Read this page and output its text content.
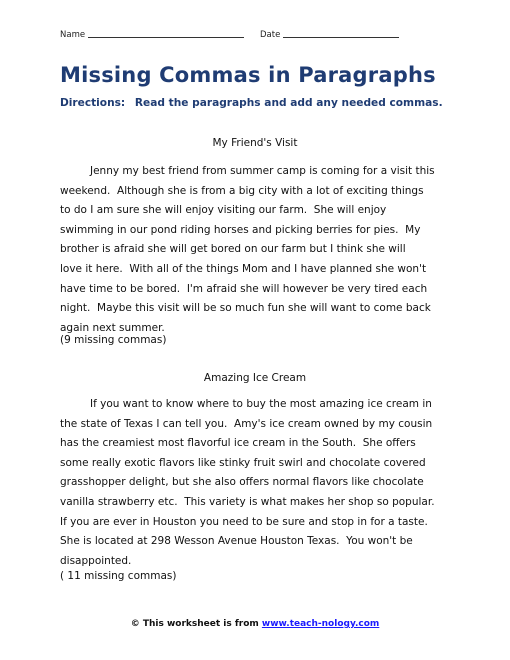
Name	Date
Missing Commas in Paragraphs
Directions: Read the paragraphs and add any needed commas.
My Friend's Visit
Jenny my best friend from summer camp is coming for a visit this
weekend.  Although she is from a big city with a lot of exciting things
to do I am sure she will enjoy visiting our farm.  She will enjoy
swimming in our pond riding horses and picking berries for pies.  My
brother is afraid she will get bored on our farm but I think she will
love it here.  With all of the things Mom and I have planned she won't
have time to be bored.  I'm afraid she will however be very tired each
night.  Maybe this visit will be so much fun she will want to come back
again next summer.
(9 missing commas)
Amazing Ice Cream
If you want to know where to buy the most amazing ice cream in
the state of Texas I can tell you.  Amy's ice cream owned by my cousin
has the creamiest most flavorful ice cream in the South.  She offers
some really exotic flavors like stinky fruit swirl and chocolate covered
grasshopper delight, but she also offers normal flavors like chocolate
vanilla strawberry etc.  This variety is what makes her shop so popular.
If you are ever in Houston you need to be sure and stop in for a taste.
She is located at 298 Wesson Avenue Houston Texas.  You won't be
disappointed.
( 11 missing commas)
© This worksheet is from www.teach-nology.com
